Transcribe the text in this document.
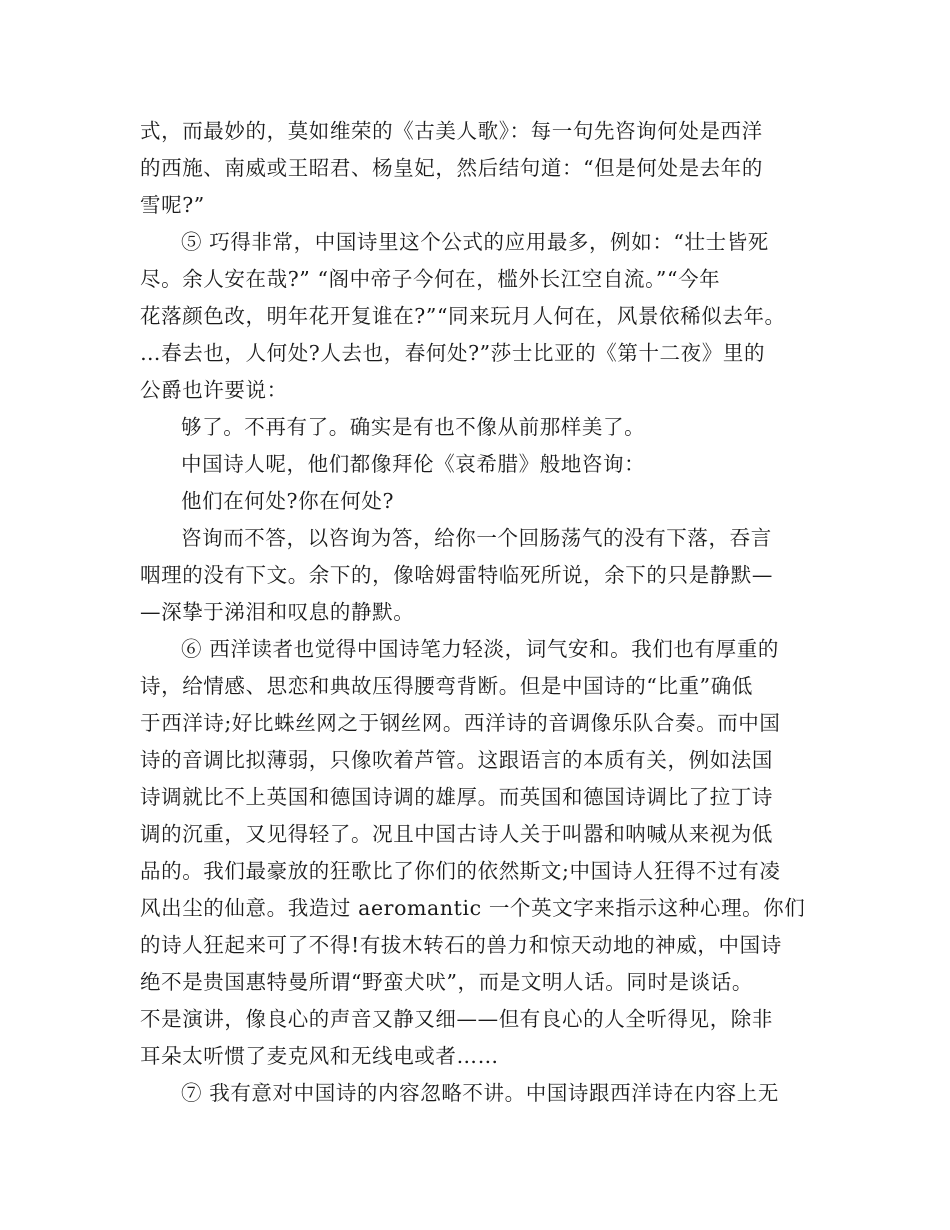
式，而最妙的，莫如维荣的《古美人歌》：每一句先咨询何处是西洋
的西施、南威或王昭君、杨皇妃，然后结句道：“但是何处是去年的
雪呢?”
⑤ 巧得非常，中国诗里这个公式的应用最多，例如：“壮士皆死
尽。余人安在哉?” “阁中帝子今何在，槛外长江空自流。”“今年
花落颜色改，明年花开复谁在?”“同来玩月人何在，风景依稀似去年。
…春去也，人何处?人去也，春何处?”莎士比亚的《第十二夜》里的
公爵也许要说：
够了。不再有了。确实是有也不像从前那样美了。
中国诗人呢，他们都像拜伦《哀希腊》般地咨询：
他们在何处?你在何处?
咨询而不答，以咨询为答，给你一个回肠荡气的没有下落，吞言
咽理的没有下文。余下的，像啥姆雷特临死所说，余下的只是静默—
—深挚于涕泪和叹息的静默。
⑥ 西洋读者也觉得中国诗笔力轻淡，词气安和。我们也有厚重的
诗，给情感、思恋和典故压得腰弯背断。但是中国诗的“比重”确低
于西洋诗;好比蛛丝网之于钢丝网。西洋诗的音调像乐队合奏。而中国
诗的音调比拟薄弱，只像吹着芦管。这跟语言的本质有关，例如法国
诗调就比不上英国和德国诗调的雄厚。而英国和德国诗调比了拉丁诗
调的沉重，又见得轻了。况且中国古诗人关于叫嚣和呐喊从来视为低
品的。我们最豪放的狂歌比了你们的依然斯文;中国诗人狂得不过有凌
风出尘的仙意。我造过 aeromantic 一个英文字来指示这种心理。你们
的诗人狂起来可了不得!有拔木转石的兽力和惊天动地的神威，中国诗
绝不是贵国惠特曼所谓“野蛮犬吠”，而是文明人话。同时是谈话。
不是演讲，像良心的声音又静又细——但有良心的人全听得见，除非
耳朵太听惯了麦克风和无线电或者……
⑦ 我有意对中国诗的内容忽略不讲。中国诗跟西洋诗在内容上无
